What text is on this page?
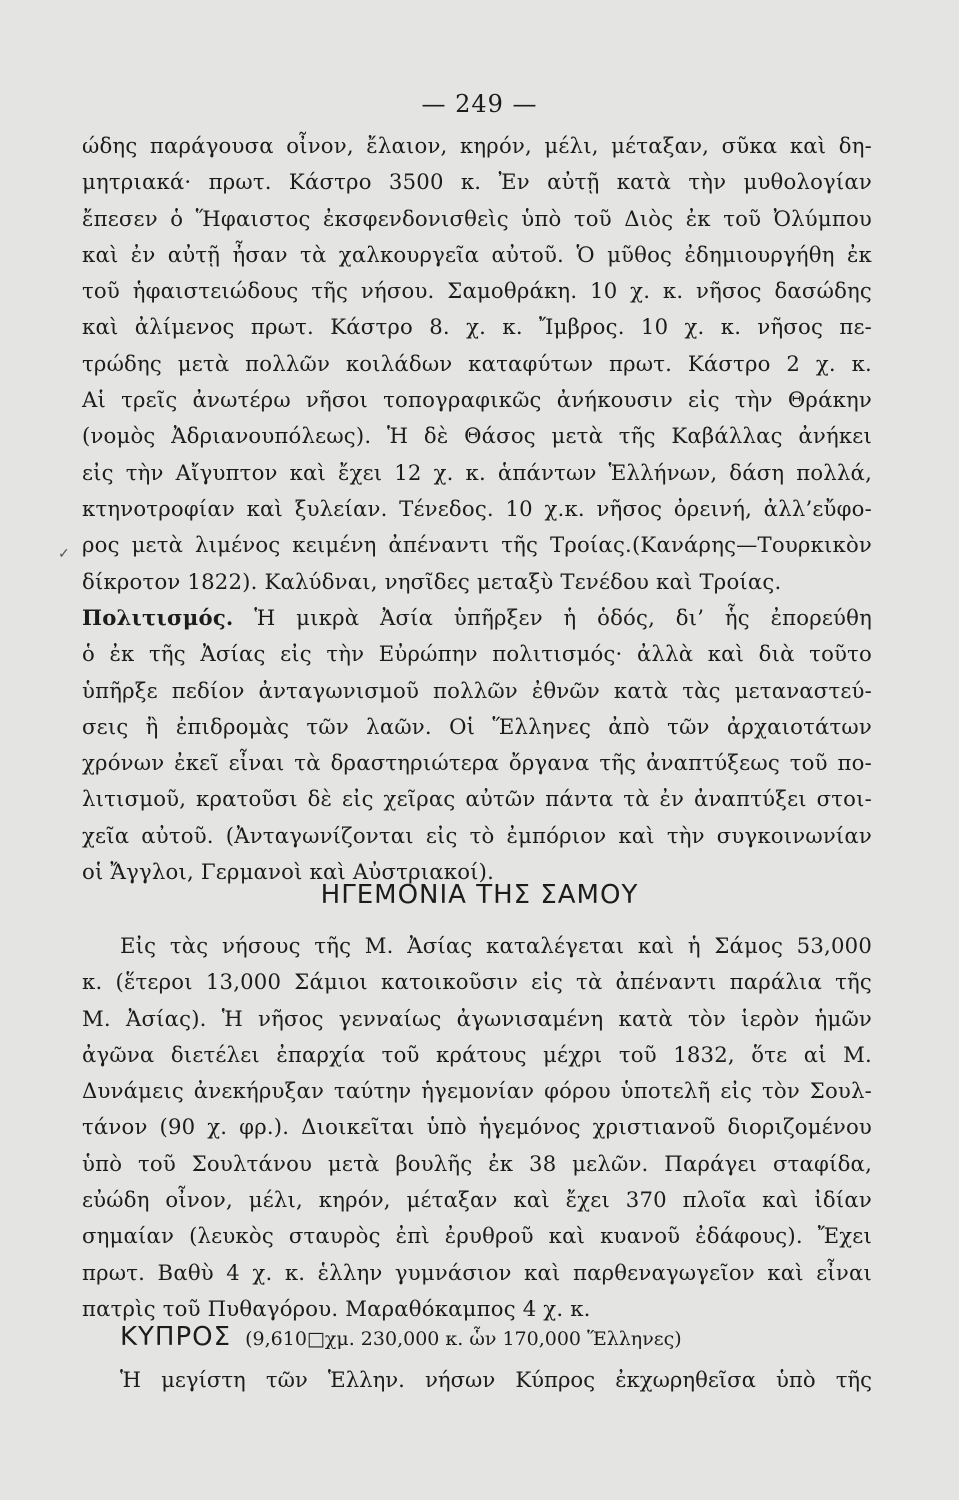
— 249 —
ώδης παράγουσα οἶνον, ἔλαιον, κηρόν, μέλι, μέταξαν, σῦκα καὶ δη-
μητριακά· πρωτ. Κάστρο 3500 κ. Ἐν αὐτῇ κατὰ τὴν μυθολογίαν
ἔπεσεν ὁ Ἥφαιστος ἐκσφενδονισθεὶς ὑπὸ τοῦ Διὸς ἐκ τοῦ Ὀλύμπου
καὶ ἐν αὐτῇ ἦσαν τὰ χαλκουργεῖα αὐτοῦ. Ὁ μῦθος ἐδημιουργήθη ἐκ
τοῦ ἡφαιστειώδους τῆς νήσου. Σαμοθράκη. 10 χ. κ. νῆσος δασώδης
καὶ ἀλίμενος πρωτ. Κάστρο 8. χ. κ. Ἴμβρος. 10 χ. κ. νῆσος πε-
τρώδης μετὰ πολλῶν κοιλάδων καταφύτων πρωτ. Κάστρο 2 χ. κ.
Αἱ τρεῖς ἀνωτέρω νῆσοι τοπογραφικῶς ἀνήκουσιν εἰς τὴν Θράκην
(νομὸς Ἀδριανουπόλεως). Ἡ δὲ Θάσος μετὰ τῆς Καβάλλας ἀνήκει
εἰς τὴν Αἴγυπτον καὶ ἔχει 12 χ. κ. ἁπάντων Ἑλλήνων, δάση πολλά,
κτηνοτροφίαν καὶ ξυλείαν. Τένεδος. 10 χ.κ. νῆσος ὀρεινή, ἀλλ’εὔφο-
ρος μετὰ λιμένος κειμένη ἀπέναντι τῆς Τροίας.(Κανάρης—Τουρκικὸν
δίκροτον 1822). Καλύδναι, νησῖδες μεταξὺ Τενέδου καὶ Τροίας.
✓
Πολιτισμός. Ἡ μικρὰ Ἀσία ὑπῆρξεν ἡ ὁδός, δι’ ἧς ἐπορεύθη
ὁ ἐκ τῆς Ἀσίας εἰς τὴν Εὐρώπην πολιτισμός· ἀλλὰ καὶ διὰ τοῦτο
ὑπῆρξε πεδίον ἀνταγωνισμοῦ πολλῶν ἐθνῶν κατὰ τὰς μεταναστεύ-
σεις ἢ ἐπιδρομὰς τῶν λαῶν. Οἱ Ἕλληνες ἀπὸ τῶν ἀρχαιοτάτων
χρόνων ἐκεῖ εἶναι τὰ δραστηριώτερα ὄργανα τῆς ἀναπτύξεως τοῦ πο-
λιτισμοῦ, κρατοῦσι δὲ εἰς χεῖρας αὐτῶν πάντα τὰ ἐν ἀναπτύξει στοι-
χεῖα αὐτοῦ. (Ἀνταγωνίζονται εἰς τὸ ἐμπόριον καὶ τὴν συγκοινωνίαν
οἱ Ἄγγλοι, Γερμανοὶ καὶ Αὐστριακοί).
ΗΓΕΜΟΝΙΑ ΤΗΣ ΣΑΜΟΥ
Εἰς τὰς νήσους τῆς Μ. Ἀσίας καταλέγεται καὶ ἡ Σάμος 53,000
κ. (ἕτεροι 13,000 Σάμιοι κατοικοῦσιν εἰς τὰ ἀπέναντι παράλια τῆς
Μ. Ἀσίας). Ἡ νῆσος γενναίως ἀγωνισαμένη κατὰ τὸν ἱερὸν ἡμῶν
ἀγῶνα διετέλει ἐπαρχία τοῦ κράτους μέχρι τοῦ 1832, ὅτε αἱ Μ.
Δυνάμεις ἀνεκήρυξαν ταύτην ἡγεμονίαν φόρου ὑποτελῆ εἰς τὸν Σουλ-
τάνον (90 χ. φρ.). Διοικεῖται ὑπὸ ἡγεμόνος χριστιανοῦ διοριζομένου
ὑπὸ τοῦ Σουλτάνου μετὰ βουλῆς ἐκ 38 μελῶν. Παράγει σταφίδα,
εὐώδη οἶνον, μέλι, κηρόν, μέταξαν καὶ ἔχει 370 πλοῖα καὶ ἰδίαν
σημαίαν (λευκὸς σταυρὸς ἐπὶ ἐρυθροῦ καὶ κυανοῦ ἐδάφους). Ἔχει
πρωτ. Βαθὺ 4 χ. κ. ἑλλην γυμνάσιον καὶ παρθεναγωγεῖον καὶ εἶναι
πατρὶς τοῦ Πυθαγόρου. Μαραθόκαμπος 4 χ. κ.
ΚΥΠΡΟΣ (9,610□χμ. 230,000 κ. ὧν 170,000 Ἕλληνες)
Ἡ μεγίστη τῶν Ἑλλην. νήσων Κύπρος ἐκχωρηθεῖσα ὑπὸ τῆς
